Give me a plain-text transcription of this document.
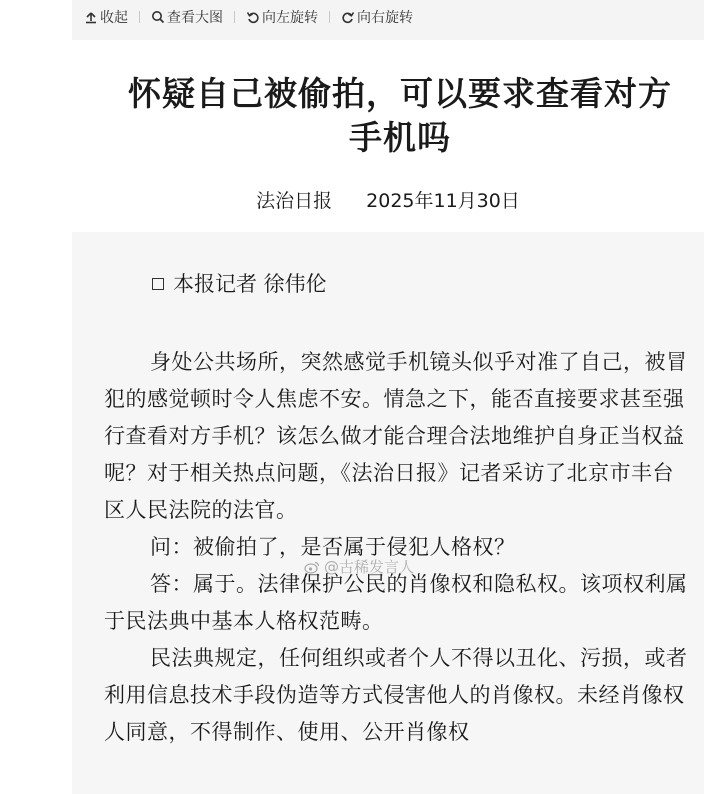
收起	查看大图	向左旋转	向右旋转
怀疑自己被偷拍，可以要求查看对方手机吗
法治日报 2025年11月30日
本报记者 徐伟伦

身处公共场所，突然感觉手机镜头似乎对准了自己，被冒犯的感觉顿时令人焦虑不安。情急之下，能否直接要求甚至强行查看对方手机？该怎么做才能合理合法地维护自身正当权益呢？对于相关热点问题，《法治日报》记者采访了北京市丰台区人民法院的法官。

问：被偷拍了，是否属于侵犯人格权？

答：属于。法律保护公民的肖像权和隐私权。该项权利属于民法典中基本人格权范畴。

民法典规定，任何组织或者个人不得以丑化、污损，或者利用信息技术手段伪造等方式侵害他人的肖像权。未经肖像权人同意，不得制作、使用、公开肖像权

@古稀发言人
